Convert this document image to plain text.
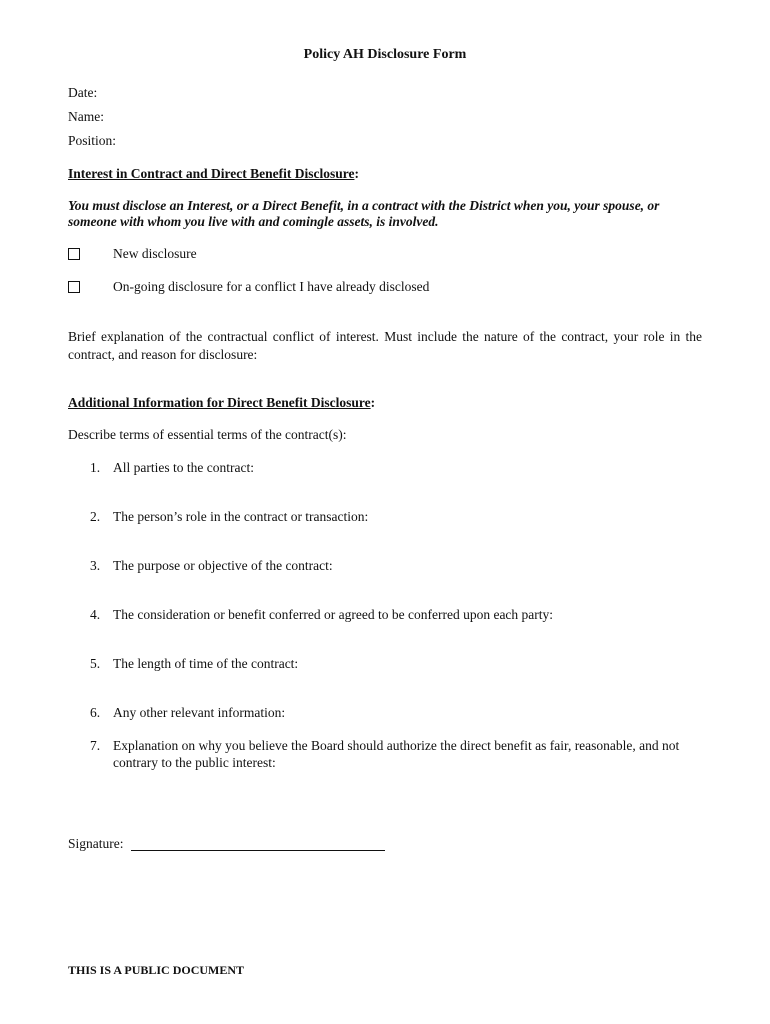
Policy AH Disclosure Form

Date:

Name:

Position:

Interest in Contract and Direct Benefit Disclosure:

You must disclose an Interest, or a Direct Benefit, in a contract with the District when you, your spouse, or someone with whom you live with and comingle assets, is involved.

New disclosure

On-going disclosure for a conflict I have already disclosed

Brief explanation of the contractual conflict of interest. Must include the nature of the contract, your role in the contract, and reason for disclosure:

Additional Information for Direct Benefit Disclosure:

Describe terms of essential terms of the contract(s):

1. All parties to the contract:

2. The person’s role in the contract or transaction:

3. The purpose or objective of the contract:

4. The consideration or benefit conferred or agreed to be conferred upon each party:

5. The length of time of the contract:

6. Any other relevant information:

7. Explanation on why you believe the Board should authorize the direct benefit as fair, reasonable, and not contrary to the public interest:

Signature:

THIS IS A PUBLIC DOCUMENT
